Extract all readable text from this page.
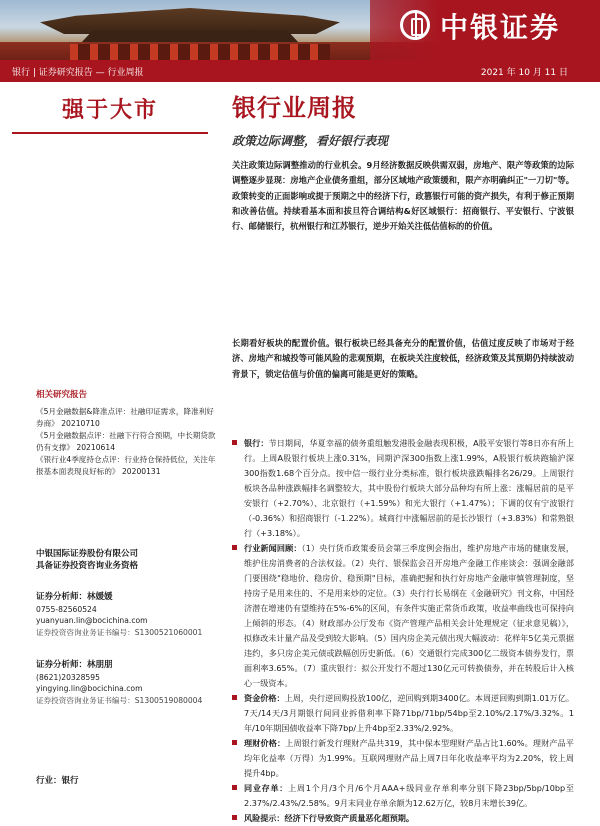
中银证券
银行 | 证券研究报告 — 行业周报	2021 年 10 月 11 日
强于大市
相关研究报告
《5月金融数据&降准点评：社融印证需求，降准利好券商》 20210710
《5月金融数据点评：社融下行符合预期，中长期贷款仍有支撑》 20210614
《银行业4季度持仓点评：行业持仓保持低位，关注年报基本面表现良好标的》 20200131
中银国际证券股份有限公司
具备证券投资咨询业务资格
证券分析师：林媛媛
0755-82560524
yuanyuan.lin@bocichina.com
证券投资咨询业务证书编号：S1300521060001
证券分析师：林朋朋
(8621)20328595
yingying.lin@bocichina.com
证券投资咨询业务证书编号：S1300519080004
行业：银行
银行业周报
政策边际调整，看好银行表现
关注政策边际调整推动的行业机会。9月经济数据反映供需双弱，房地产、限产等政策的边际调整逐步显现：房地产企业债务重组，部分区域地产政策缓和，限产亦明确纠正"一刀切"等。政策转变的正面影响或提于预期之中的经济下行，政篡银行可能的资产损失，有利于修正预期和改善估值。持续看基本面和拔旦符合调结构&好区域银行：招商银行、平安银行、宁波银行、邮储银行，杭州银行和江苏银行，逆步开始关注低估值标的的价值。
长期看好板块的配置价值。银行板块已经具备充分的配置价值，估值过度反映了市场对于经济、房地产和城投等可能风险的悲观预期，在板块关注度较低，经济政策及其预期仍持续波动背景下，锁定估值与价值的偏离可能是更好的策略。
银行：节日期间，华夏幸福的债务重组触发港股金融表现积极，A股平安银行等8日亦有所上行。上周A股银行板块上涨0.31%，同期沪深300指数上涨1.99%，A股银行板块跑输沪深300指数1.68个百分点。按中信一级行业分类标准，银行板块涨跌幅排名26/29。上周银行板块各品种涨跌幅排名调整较大，其中股份行板块大部分品种均有所上涨：涨幅居前的是平安银行（+2.70%）、北京银行（+1.59%）和光大银行（+1.47%）；下调的仅有宁波银行（-0.36%）和招商银行（-1.22%）。城商行中涨幅居前的是长沙银行（+3.83%）和常熟银行（+3.18%）。
行业新闻回顾：（1）央行货币政策委员会第三季度例会指出，维护房地产市场的健康发展，维护住房消费者的合法权益。（2）央行、银保监会召开房地产金融工作座谈会：强调金融部门要围绕"稳地价、稳房价、稳预期"目标，准确把握和执行好房地产金融审慎管理制度，坚持房子是用来住的、不是用来炒的定位。（3）央行行长易纲在《金融研究》刊文称，中国经济潜在增速仍有望维持在5%-6%的区间，有条件实施正常货币政策，收益率曲线也可保持向上倾斜的形态。（4）财政部办公厅发布《资产管理产品相关会计处理规定（征求意见稿）》，拟修改未计量产品及受到较大影响。（5）国内房企美元债出现大幅波动：花样年5亿美元票据违约，多只房企美元债或跌幅创历史新低。（6）交通银行完成300亿二级资本债券发行，票面利率3.65%。（7）重庆银行：拟公开发行不超过130亿元可转换债券，并在转股后计入核心一级资本。
资金价格：上周，央行逆回购投放100亿，逆回购到期3400亿。本周逆回购到期1.01万亿。7天/14天/3月期银行间同业拆借利率下降71bp/71bp/54bp至2.10%/2.17%/3.32%。1年/10年期国债收益率下降7bp/上升4bp至2.33%/2.92%。
理财价格：上周银行新发行理财产品共319，其中保本型理财产品占比1.60%。理财产品平均年化益率（万得）为1.99%。互联网理财产品上周7日年化收益率平均为2.20%，较上周提升4bp。
同业存单：上周1个月/3个月/6个月AAA+级同业存单利率分别下降23bp/5bp/10bp至2.37%/2.43%/2.58%。9月末同业存单余额为12.62万亿，较8月末增长39亿。
风险提示：经济下行导致资产质量恶化超预期。
